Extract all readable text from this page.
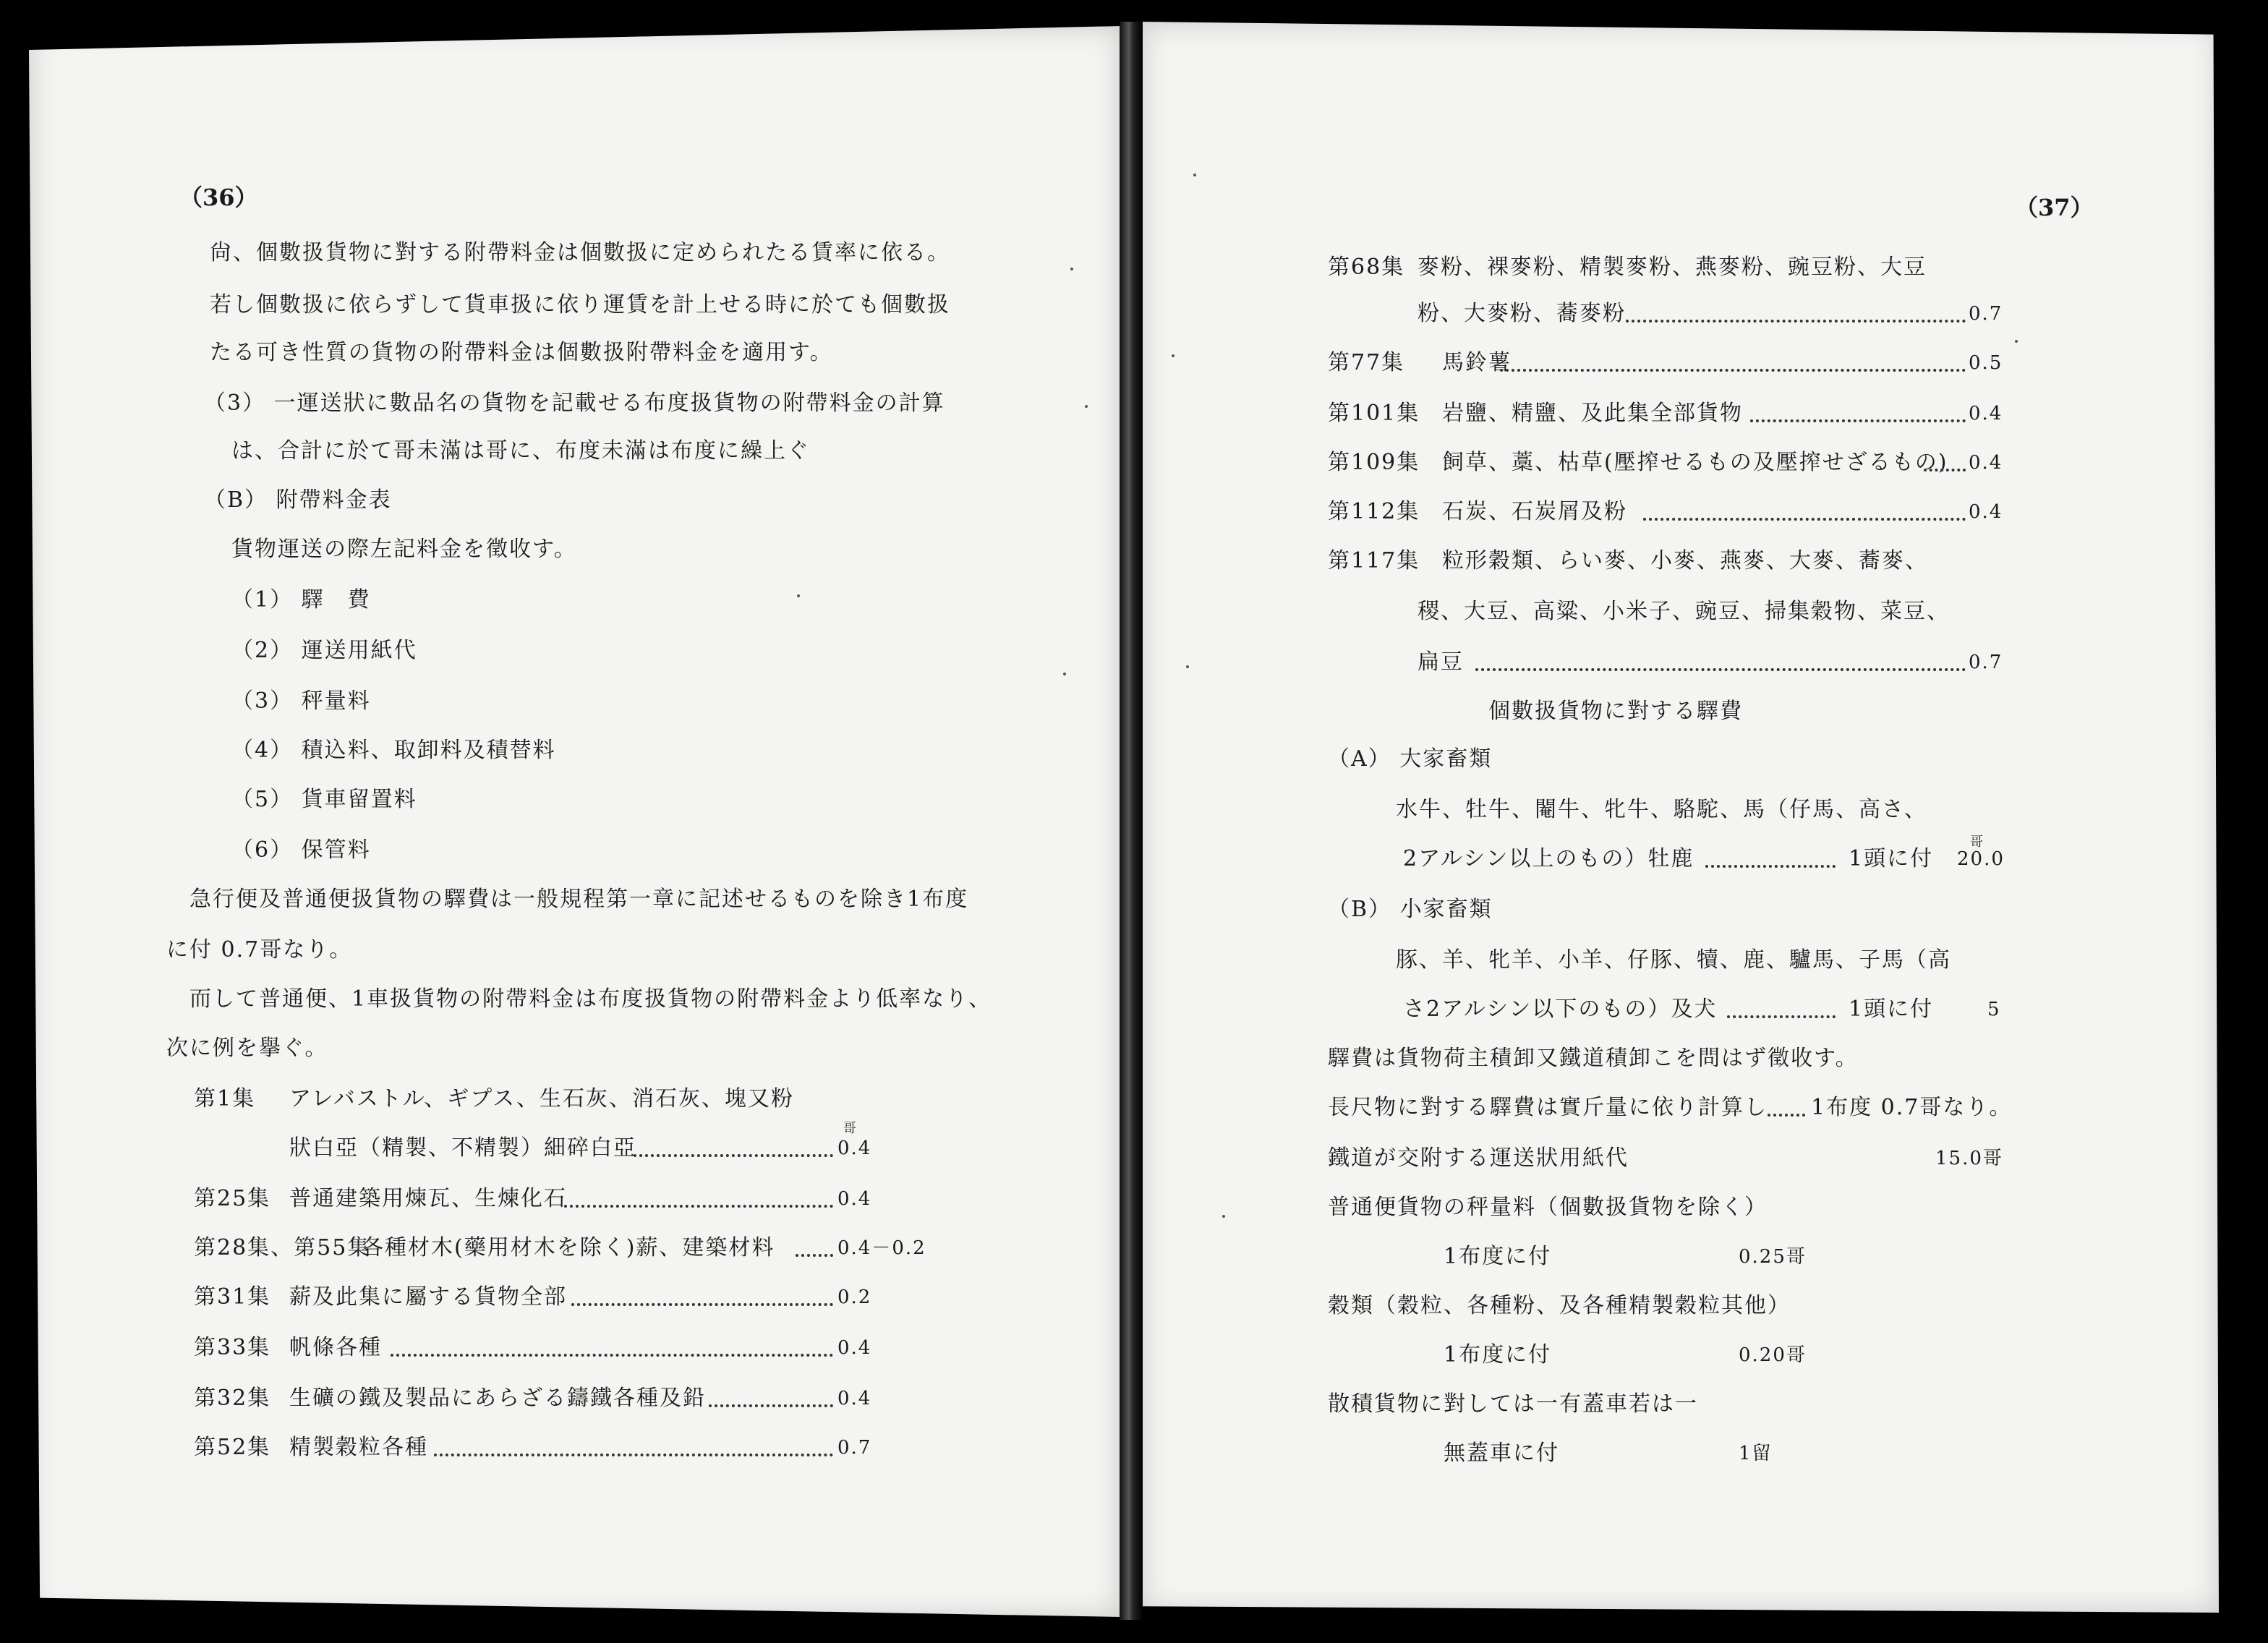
（36）
尙、個數扱貨物に對する附帶料金は個數扱に定められたる賃率に依る。
若し個數扱に依らずして貨車扱に依り運賃を計上せる時に於ても個數扱
たる可き性質の貨物の附帶料金は個數扱附帶料金を適用す。
（3） 一運送狀に數品名の貨物を記載せる布度扱貨物の附帶料金の計算
は、合計に於て哥未滿は哥に、布度未滿は布度に繰上ぐ
（B） 附帶料金表
貨物運送の際左記料金を徵收す。
（1） 驛　費
（2） 運送用紙代
（3） 秤量料
（4） 積込料、取卸料及積替料
（5） 貨車留置料
（6） 保管料
急行便及普通便扱貨物の驛費は一般規程第一章に記述せるものを除き1布度
に付 0.7哥なり。
而して普通便、1車扱貨物の附帶料金は布度扱貨物の附帶料金より低率なり、
次に例を擧ぐ。
第1集 アレバストル、ギプス、生石灰、消石灰、塊又粉
哥
狀白亞（精製、不精製）細碎白亞	0.4
第25集 普通建築用煉瓦、生煉化石	0.4
第28集、第55集
各種材木(藥用材木を除く)薪、建築材料	0.4－0.2
第31集 薪及此集に屬する貨物全部	0.2
第33集 帆條各種	0.4
第32集 生礦の鐵及製品にあらざる鑄鐵各種及鉛	0.4
第52集 精製穀粒各種	0.7
（37）
第68集 麥粉、裸麥粉、精製麥粉、燕麥粉、豌豆粉、大豆
粉、大麥粉、蕎麥粉	0.7
第77集 馬鈴薯	0.5
第101集 岩鹽、精鹽、及此集全部貨物	0.4
第109集 飼草、藁、枯草(壓搾せるもの及壓搾せざるもの) 0.4
第112集 石炭、石炭屑及粉	0.4
第117集 粒形穀類、らい麥、小麥、燕麥、大麥、蕎麥、
稷、大豆、高粱、小米子、豌豆、掃集穀物、菜豆、
扁豆	0.7
個數扱貨物に對する驛費
（A） 大家畜類
水牛、牡牛、閹牛、牝牛、駱駝、馬（仔馬、高さ、
哥
2アルシン以上のもの）牡鹿	1頭に付 20.0
（B） 小家畜類
豚、羊、牝羊、小羊、仔豚、犢、鹿、驢馬、子馬（高
さ2アルシン以下のもの）及犬	1頭に付	5
驛費は貨物荷主積卸又鐵道積卸こを問はず徵收す。
長尺物に對する驛費は實斤量に依り計算し 1布度 0.7哥なり。
鐵道が交附する運送狀用紙代	15.0哥
普通便貨物の秤量料（個數扱貨物を除く）
1布度に付	0.25哥
穀類（穀粒、各種粉、及各種精製穀粒其他）
1布度に付	0.20哥
散積貨物に對しては一有蓋車若は一
無蓋車に付	1留
